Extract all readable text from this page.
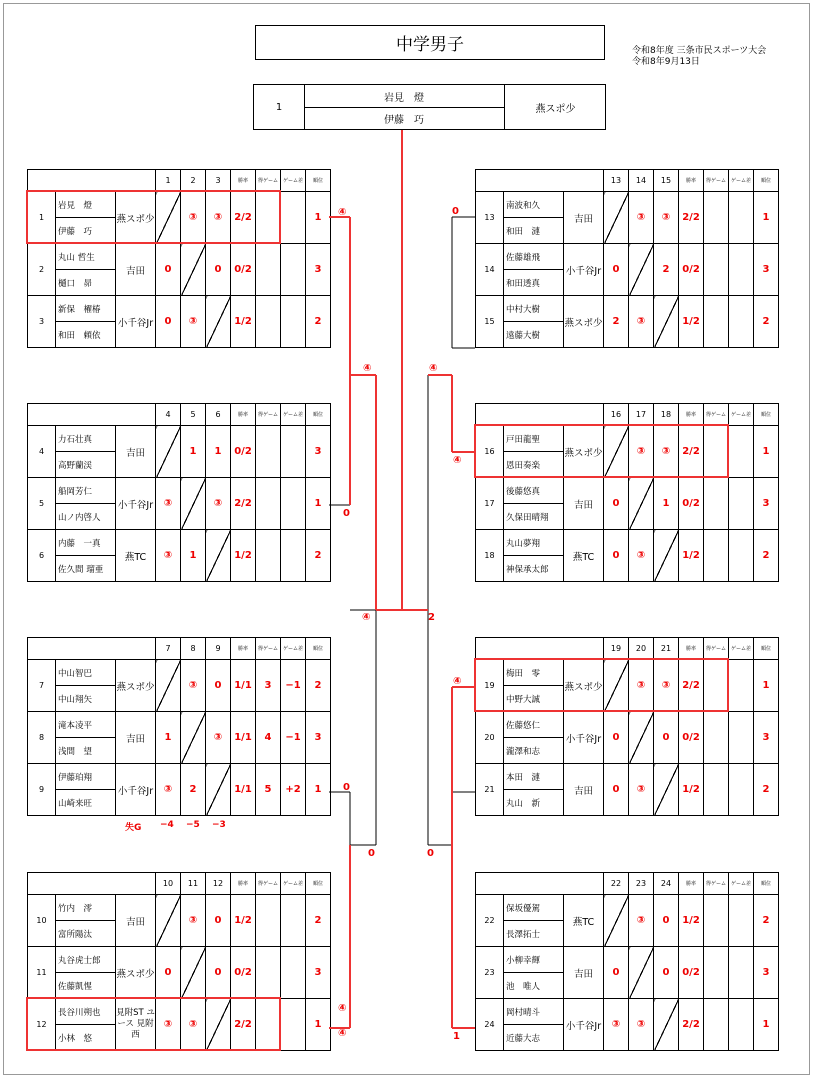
中学男子	令和8年度 三条市民スポーツ大会
令和8年9月13日
1
岩見　燈
伊藤　巧
燕スポ少
			1	2	3	勝率	得ゲーム	ゲーム差	順位
1	岩見　燈	燕スポ少		③	③	2/2			1
	伊藤　巧								
2	丸山 哲生	吉田	0		0	0/2			3
	樋口　昴								
3	新保　櫂椿	小千谷Jr	0	③		1/2			2
	和田　頼依								
			4	5	6	勝率	得ゲーム	ゲーム差	順位
4	力石壮真	吉田		1	1	0/2			3
	高野蘭渓								
5	船岡芳仁	小千谷Jr	③		③	2/2			1
	山ノ内啓人								
6	内藤　一真	燕TC	③	1		1/2			2
	佐久間 瑠亜								
			7	8	9	勝率	得ゲーム	ゲーム差	順位
7	中山智巴	燕スポ少		③	0	1/1	3	−1	2
	中山翔矢								
8	滝本凌平	吉田	1		③	1/1	4	−1	3
	浅間　望								
9	伊藤珀翔	小千谷Jr	③	2		1/1	5	+2	1
	山崎来旺								
			10	11	12	勝率	得ゲーム	ゲーム差	順位
10	竹内　澪	吉田		③	0	1/2			2
	富所陽汰								
11	丸谷虎士郎	燕スポ少	0		0	0/2			3
	佐藤凱惺								
12	長谷川朔也	見附ST ユース 見附西	③	③		2/2			1
	小林　悠								
			13	14	15	勝率	得ゲーム	ゲーム差	順位
13	南波和久	吉田		③	③	2/2			1
	和田　漣								
14	佐藤雄飛	小千谷Jr	0		2	0/2			3
	和田透真								
15	中村大樹	燕スポ少	2	③		1/2			2
	遠藤大樹								
			16	17	18	勝率	得ゲーム	ゲーム差	順位
16	戸田龍聖	燕スポ少		③	③	2/2			1
	恩田奏楽								
17	後藤悠真	吉田	0		1	0/2			3
	久保田晴翔								
18	丸山夢翔	燕TC	0	③		1/2			2
	神保承太郎								
			19	20	21	勝率	得ゲーム	ゲーム差	順位
19	梅田　零	燕スポ少		③	③	2/2			1
	中野大誠								
20	佐藤悠仁	小千谷Jr	0		0	0/2			3
	瀧澤和志								
21	本田　漣	吉田	0	③		1/2			2
	丸山　新								
			22	23	24	勝率	得ゲーム	ゲーム差	順位
22	保坂優駕	燕TC		③	0	1/2			2
	長澤拓士								
23	小柳幸輝	吉田	0		0	0/2			3
	池　唯人								
24	岡村晴斗	小千谷Jr	③	③		2/2			1
	近藤大志								
失G −4 −5 −3
④
④
0
④
0
0
④
④
0
④
④
2
④
0
1
